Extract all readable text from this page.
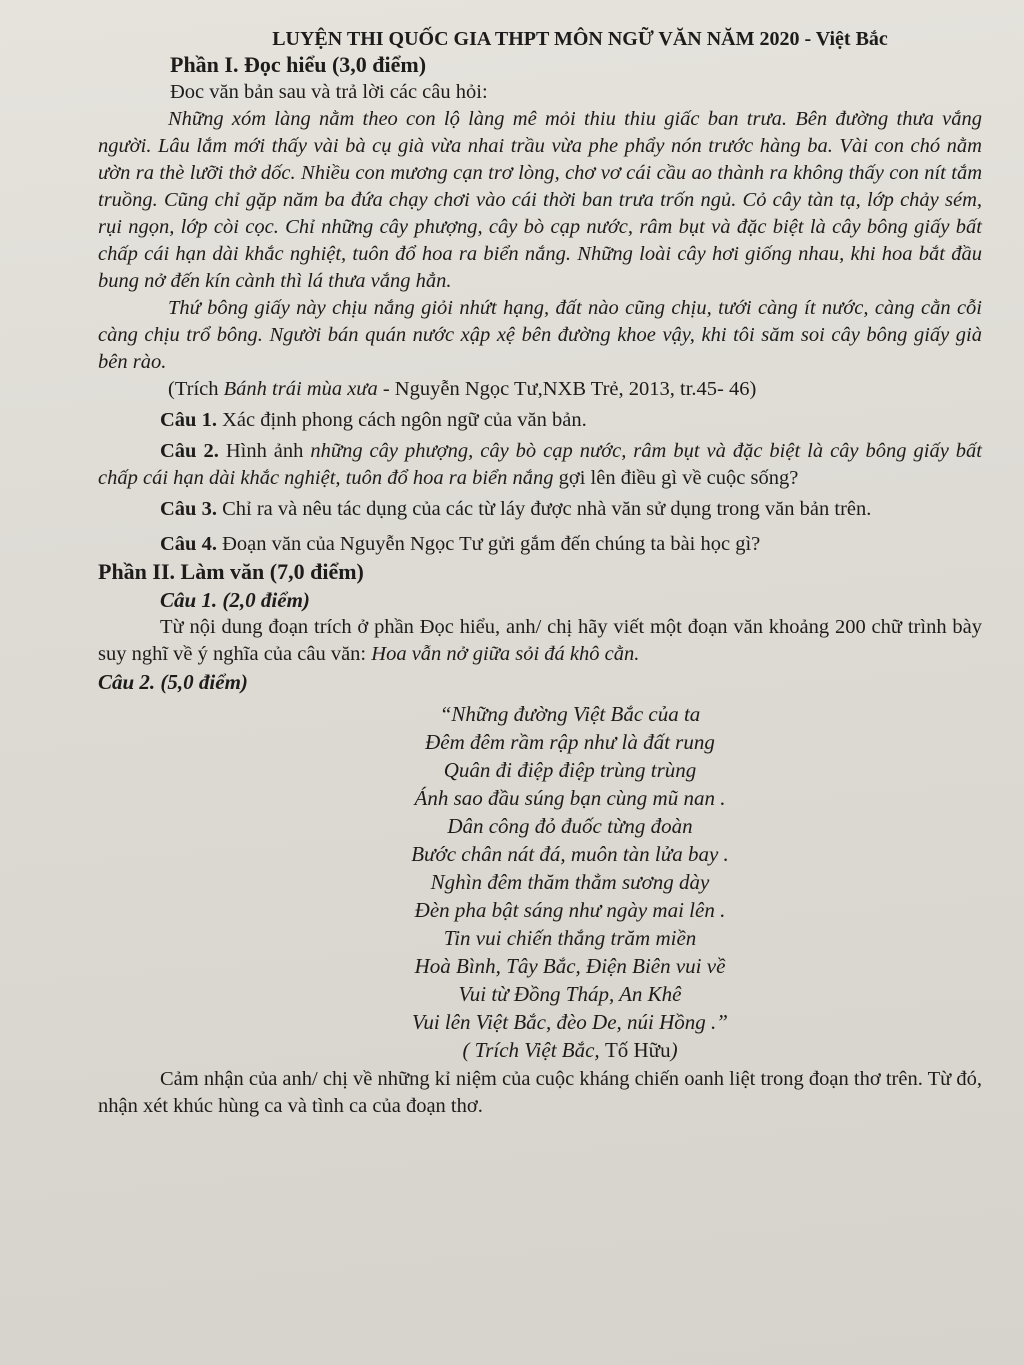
LUYỆN THI QUỐC GIA THPT MÔN NGỮ VĂN NĂM 2020 - Việt Bắc
Phần I. Đọc hiểu (3,0 điểm)

Đoc văn bản sau và trả lời các câu hỏi:

Những xóm làng nằm theo con lộ làng mê mỏi thiu thiu giấc ban trưa. Bên đường thưa vắng người. Lâu lắm mới thấy vài bà cụ già vừa nhai trầu vừa phe phẩy nón trước hàng ba. Vài con chó nằm ườn ra thè lưỡi thở dốc. Nhiều con mương cạn trơ lòng, chơ vơ cái cầu ao thành ra không thấy con nít tắm truồng. Cũng chỉ gặp năm ba đứa chạy chơi vào cái thời ban trưa trốn ngủ. Cỏ cây tàn tạ, lớp chảy sém, rụi ngọn, lớp còi cọc. Chỉ những cây phượng, cây bò cạp nước, râm bụt và đặc biệt là cây bông giấy bất chấp cái hạn dài khắc nghiệt, tuôn đổ hoa ra biển nắng. Những loài cây hơi giống nhau, khi hoa bắt đầu bung nở đến kín cành thì lá thưa vắng hẳn.

Thứ bông giấy này chịu nắng giỏi nhứt hạng, đất nào cũng chịu, tưới càng ít nước, càng cằn cỗi càng chịu trổ bông. Người bán quán nước xập xệ bên đường khoe vậy, khi tôi săm soi cây bông giấy già bên rào.

(Trích Bánh trái mùa xưa - Nguyễn Ngọc Tư,NXB Trẻ, 2013, tr.45- 46)

Câu 1. Xác định phong cách ngôn ngữ của văn bản.

Câu 2. Hình ảnh những cây phượng, cây bò cạp nước, râm bụt và đặc biệt là cây bông giấy bất chấp cái hạn dài khắc nghiệt, tuôn đổ hoa ra biển nắng gợi lên điều gì về cuộc sống?

Câu 3. Chỉ ra và nêu tác dụng của các từ láy được nhà văn sử dụng trong văn bản trên.

Câu 4. Đoạn văn của Nguyễn Ngọc Tư gửi gắm đến chúng ta bài học gì?

Phần II. Làm văn (7,0 điểm)
Câu 1. (2,0 điểm)

Từ nội dung đoạn trích ở phần Đọc hiểu, anh/ chị hãy viết một đoạn văn khoảng 200 chữ trình bày suy nghĩ về ý nghĩa của câu văn: Hoa vẫn nở giữa sỏi đá khô cằn.

Câu 2. (5,0 điểm)
“Những đường Việt Bắc của ta
Đêm đêm rầm rập như là đất rung
Quân đi điệp điệp trùng trùng
Ánh sao đầu súng bạn cùng mũ nan .
Dân công đỏ đuốc từng đoàn
Bước chân nát đá, muôn tàn lửa bay .
Nghìn đêm thăm thẳm sương dày
Đèn pha bật sáng như ngày mai lên .
Tin vui chiến thắng trăm miền
Hoà Bình, Tây Bắc, Điện Biên vui về
Vui từ Đồng Tháp, An Khê
Vui lên Việt Bắc, đèo De, núi Hồng .”
( Trích Việt Bắc, Tố Hữu)

Cảm nhận của anh/ chị về những kỉ niệm của cuộc kháng chiến oanh liệt trong đoạn thơ trên. Từ đó, nhận xét khúc hùng ca và tình ca của đoạn thơ.
